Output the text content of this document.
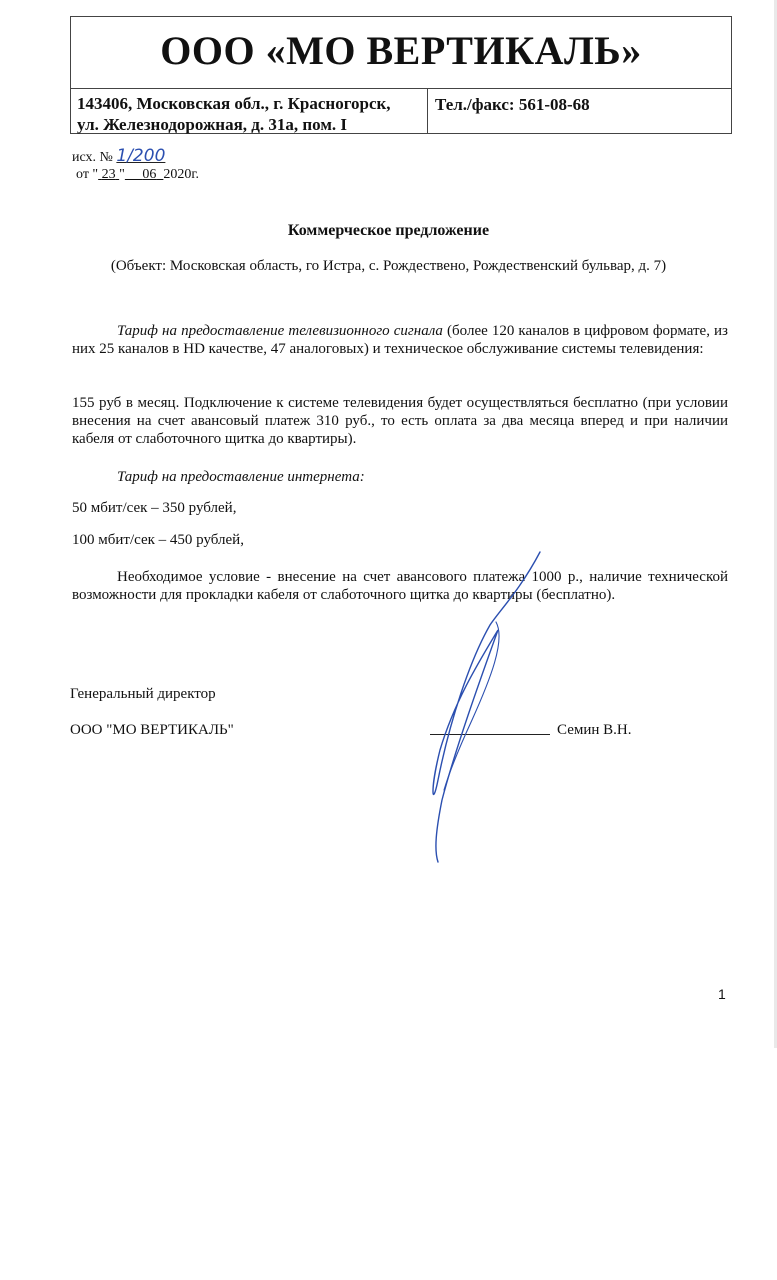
ООО «МО ВЕРТИКАЛЬ»
143406, Московская обл., г. Красногорск,
ул. Железнодорожная, д. 31а, пом. I
Тел./факс: 561-08-68
исх. № 1/200
от " 23 " 06 2020г.
Коммерческое предложение
(Объект: Московская область, го Истра, с. Рождествено, Рождественский бульвар, д. 7)
Тариф на предоставление телевизионного сигнала (более 120 каналов в цифровом формате, из них 25 каналов в HD качестве, 47 аналоговых) и техническое обслуживание системы телевидения:
155 руб в месяц. Подключение к системе телевидения будет осуществляться бесплатно (при условии внесения на счет авансовый платеж 310 руб., то есть оплата за два месяца вперед и при наличии кабеля от слаботочного щитка до квартиры).
Тариф на предоставление интернета:
50 мбит/сек – 350 рублей,
100 мбит/сек – 450 рублей,
Необходимое условие - внесение на счет авансового платежа 1000 р., наличие технической возможности для прокладки кабеля от слаботочного щитка до квартиры (бесплатно).
Генеральный директор
ООО "МО ВЕРТИКАЛЬ"	Семин В.Н.
1
